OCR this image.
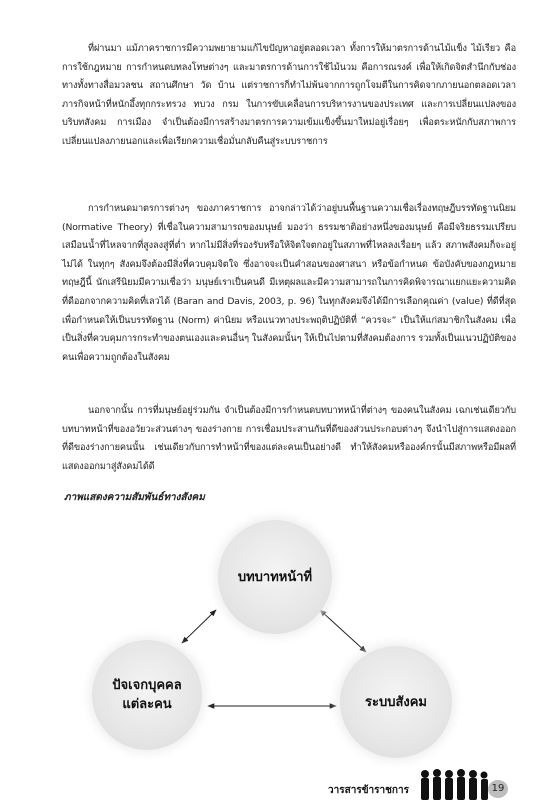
ที่ผ่านมา แม้ภาคราชการมีความพยายามแก้ไขปัญหาอยู่ตลอดเวลา ทั้งการให้มาตรการด้านไม้แข็ง ไม้เรียว คือการใช้กฎหมาย การกำหนดบทลงโทษต่างๆ และมาตรการด้านการใช้ไม้นวม คือการณรงค์ เพื่อให้เกิดจิตสำนึกกับช่องทางทั้งทางสื่อมวลชน สถานศึกษา วัด บ้าน แต่ราชการก็ทำไม่พ้นจากการถูกโจมตีในการคิดจากภายนอกตลอดเวลา ภารกิจหน้าที่หนักอึ้งทุกกระทรวง ทบวง กรม ในการขับเคลื่อนการบริหารงานของประเทศ และการเปลี่ยนแปลงของบริบทสังคม การเมือง จำเป็นต้องมีการสร้างมาตรการความเข้มแข็งขึ้นมาใหม่อยู่เรื่อยๆ เพื่อตระหนักกับสภาพการเปลี่ยนแปลงภายนอกและเพื่อเรียกความเชื่อมั่นกลับคืนสู่ระบบราชการ

การกำหนดมาตรการต่างๆ ของภาคราชการ อาจกล่าวได้ว่าอยู่บนพื้นฐานความเชื่อเรื่องทฤษฎีบรรทัดฐานนิยม (Normative Theory) ที่เชื่อในความสามารถของมนุษย์ มองว่า ธรรมชาติอย่างหนึ่งของมนุษย์ คือมีจริยธรรมเปรียบเสมือนน้ำที่ไหลจากที่สูงลงสู่ที่ต่ำ หากไม่มีสิ่งที่รองรับหรือให้จิตใจตกอยู่ในสภาพที่ไหลลงเรื่อยๆ แล้ว สภาพสังคมก็จะอยู่ไม่ได้ ในทุกๆ สังคมจึงต้องมีสิ่งที่ควบคุมจิตใจ ซึ่งอาจจะเป็นคำสอนของศาสนา หรือข้อกำหนด ข้อบังคับของกฎหมาย ทฤษฎีนี้ นักเสรีนิยมมีความเชื่อว่า มนุษย์เราเป็นคนดี มีเหตุผลและมีความสามารถในการคิดพิจารณาแยกแยะความคิดที่ดีออกจากความคิดที่เลวได้ (Baran and Davis, 2003, p. 96) ในทุกสังคมจึงได้มีการเลือกคุณค่า (value) ที่ดีที่สุดเพื่อกำหนดให้เป็นบรรทัดฐาน (Norm) ค่านิยม หรือแนวทางประพฤติปฏิบัติที่ “ควรจะ” เป็นให้แก่สมาชิกในสังคม เพื่อเป็นสิ่งที่ควบคุมการกระทำของตนเองและคนอื่นๆ ในสังคมนั้นๆ ให้เป็นไปตามที่สังคมต้องการ รวมทั้งเป็นแนวปฏิบัติของคนเพื่อความถูกต้องในสังคม

นอกจากนั้น การที่มนุษย์อยู่ร่วมกัน จำเป็นต้องมีการกำหนดบทบาทหน้าที่ต่างๆ ของคนในสังคม เฉกเช่นเดียวกับบทบาทหน้าที่ของอวัยวะส่วนต่างๆ ของร่างกาย การเชื่อมประสานกันที่ดีของส่วนประกอบต่างๆ จึงนำไปสู่การแสดงออกที่ดีของร่างกายคนนั้น เช่นเดียวกับการทำหน้าที่ของแต่ละคนเป็นอย่างดี ทำให้สังคมหรือองค์กรนั้นมีสภาพหรือมีผลที่แสดงออกมาสู่สังคมได้ดี

ภาพแสดงความสัมพันธ์ทางสังคม
บทบาทหน้าที่
ปัจเจกบุคคล
แต่ละคน	ระบบสังคม
วารสารข้าราชการ	19
